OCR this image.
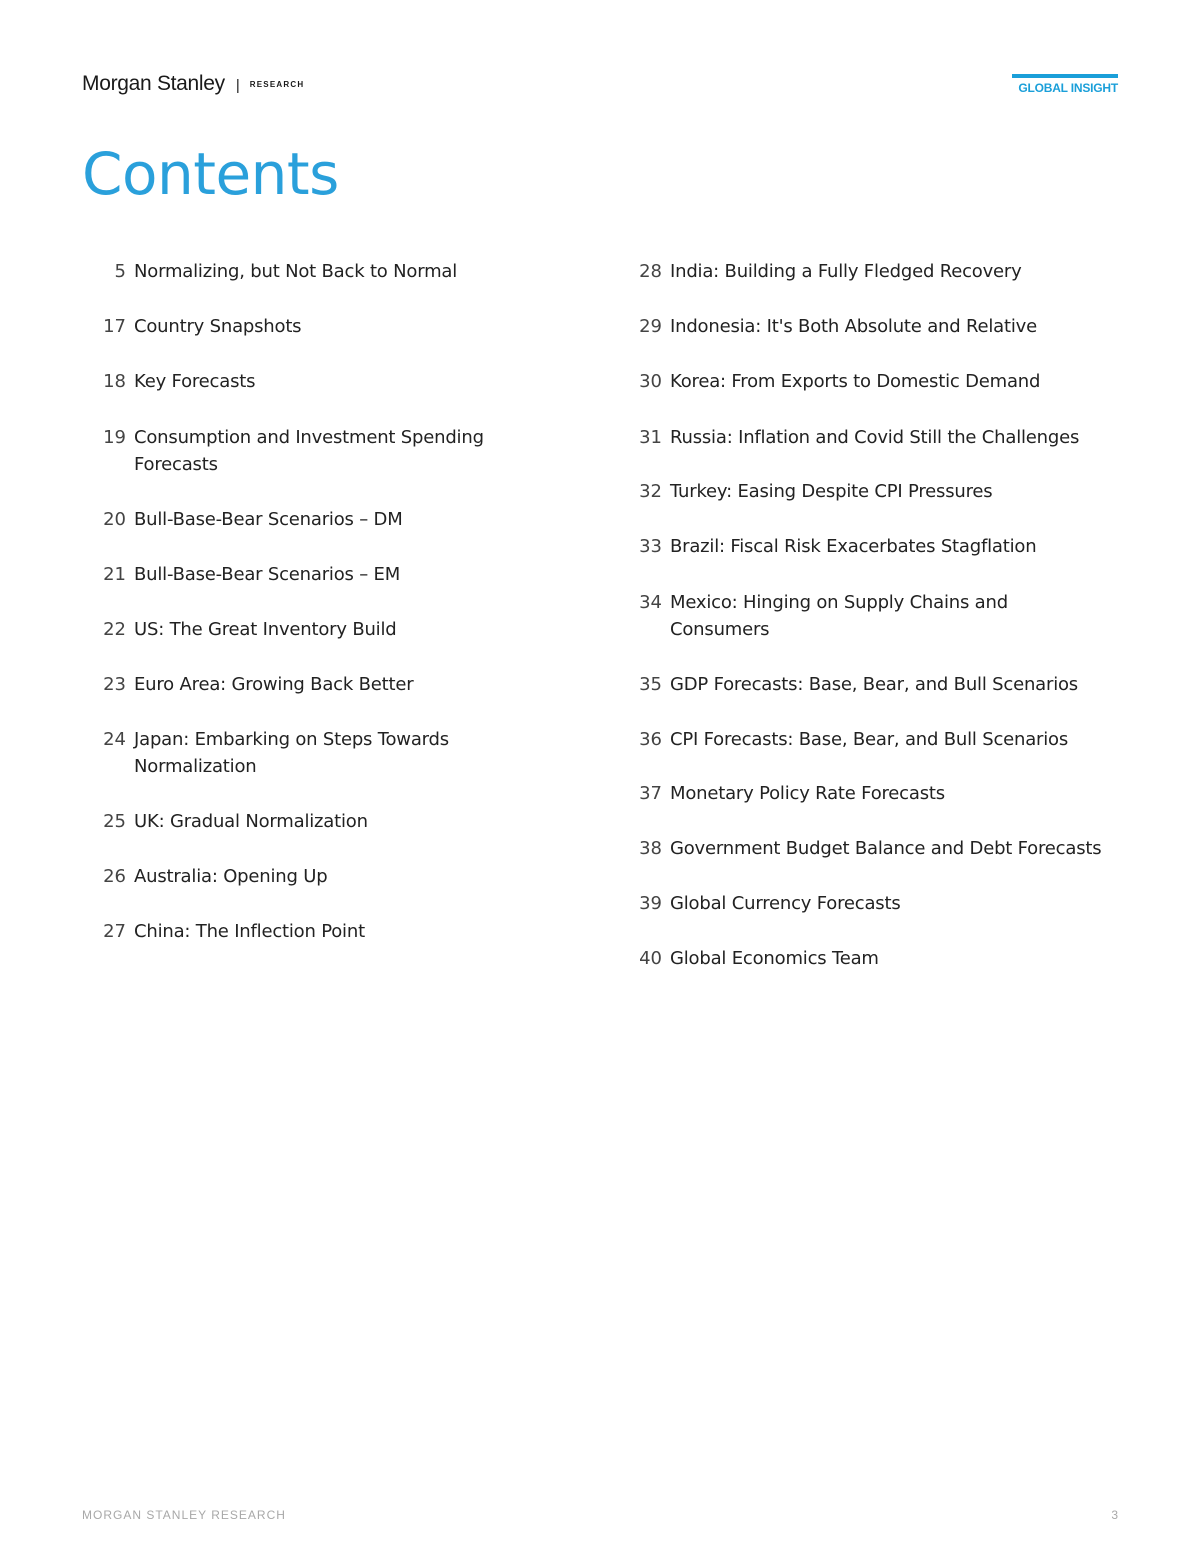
Morgan Stanley | RESEARCH	GLOBAL INSIGHT
Contents
5 Normalizing, but Not Back to Normal
17 Country Snapshots
18 Key Forecasts
19 Consumption and Investment Spending Forecasts
20 Bull-Base-Bear Scenarios – DM
21 Bull-Base-Bear Scenarios – EM
22 US: The Great Inventory Build
23 Euro Area: Growing Back Better
24 Japan: Embarking on Steps Towards Normalization
25 UK: Gradual Normalization
26 Australia: Opening Up
27 China: The Inflection Point
28 India: Building a Fully Fledged Recovery
29 Indonesia: It's Both Absolute and Relative
30 Korea: From Exports to Domestic Demand
31 Russia: Inflation and Covid Still the Challenges
32 Turkey: Easing Despite CPI Pressures
33 Brazil: Fiscal Risk Exacerbates Stagflation
34 Mexico: Hinging on Supply Chains and Consumers
35 GDP Forecasts: Base, Bear, and Bull Scenarios
36 CPI Forecasts: Base, Bear, and Bull Scenarios
37 Monetary Policy Rate Forecasts
38 Government Budget Balance and Debt Forecasts
39 Global Currency Forecasts
40 Global Economics Team
MORGAN STANLEY RESEARCH	3
